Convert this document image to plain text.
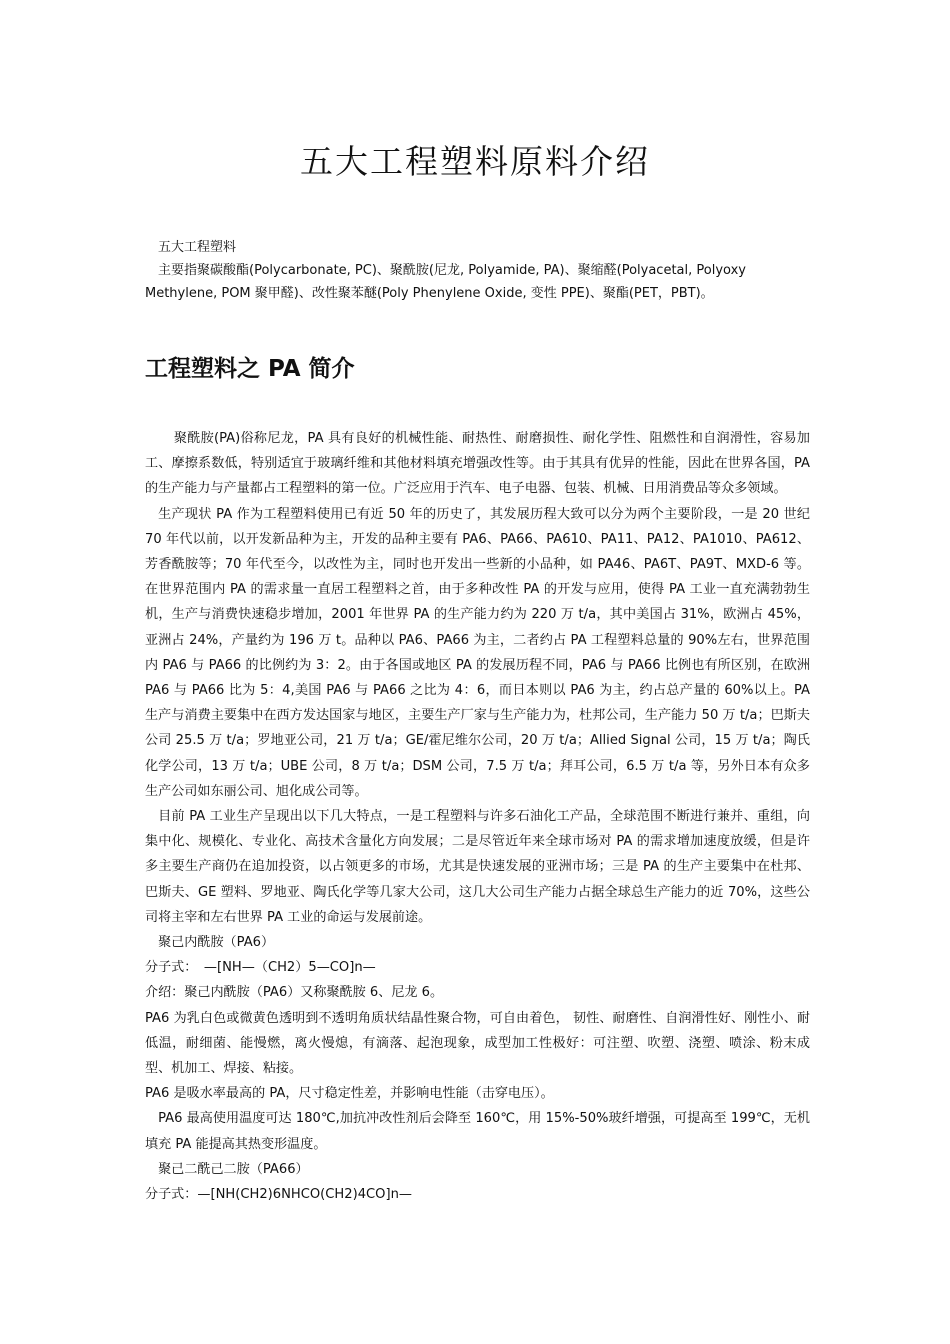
五大工程塑料原料介绍

五大工程塑料

主要指聚碳酸酯(Polycarbonate, PC)、聚酰胺(尼龙, Polyamide, PA)、聚缩醛(Polyacetal, Polyoxy Methylene, POM 聚甲醛)、改性聚苯醚(Poly Phenylene Oxide, 变性 PPE)、聚酯(PET，PBT)。

工程塑料之 PA 简介

聚酰胺(PA)俗称尼龙，PA 具有良好的机械性能、耐热性、耐磨损性、耐化学性、阻燃性和自润滑性，容易加工、摩擦系数低，特别适宜于玻璃纤维和其他材料填充增强改性等。由于其具有优异的性能，因此在世界各国，PA 的生产能力与产量都占工程塑料的第一位。广泛应用于汽车、电子电器、包装、机械、日用消费品等众多领域。

生产现状 PA 作为工程塑料使用已有近 50 年的历史了，其发展历程大致可以分为两个主要阶段，一是 20 世纪 70 年代以前，以开发新品种为主，开发的品种主要有 PA6、PA66、PA610、PA11、PA12、PA1010、PA612、芳香酰胺等；70 年代至今，以改性为主，同时也开发出一些新的小品种，如 PA46、PA6T、PA9T、MXD-6 等。在世界范围内 PA 的需求量一直居工程塑料之首，由于多种改性 PA 的开发与应用，使得 PA 工业一直充满勃勃生机，生产与消费快速稳步增加，2001 年世界 PA 的生产能力约为 220 万 t/a，其中美国占 31%，欧洲占 45%，亚洲占 24%，产量约为 196 万 t。品种以 PA6、PA66 为主，二者约占 PA 工程塑料总量的 90%左右，世界范围内 PA6 与 PA66 的比例约为 3：2。由于各国或地区 PA 的发展历程不同，PA6 与 PA66 比例也有所区别，在欧洲 PA6 与 PA66 比为 5：4,美国 PA6 与 PA66 之比为 4：6，而日本则以 PA6 为主，约占总产量的 60%以上。PA 生产与消费主要集中在西方发达国家与地区，主要生产厂家与生产能力为，杜邦公司，生产能力 50 万 t/a；巴斯夫公司 25.5 万 t/a；罗地亚公司，21 万 t/a；GE/霍尼维尔公司，20 万 t/a；Allied Signal 公司，15 万 t/a；陶氏化学公司，13 万 t/a；UBE 公司，8 万 t/a；DSM 公司，7.5 万 t/a；拜耳公司，6.5 万 t/a 等，另外日本有众多生产公司如东丽公司、旭化成公司等。

目前 PA 工业生产呈现出以下几大特点，一是工程塑料与许多石油化工产品，全球范围不断进行兼并、重组，向集中化、规模化、专业化、高技术含量化方向发展；二是尽管近年来全球市场对 PA 的需求增加速度放缓，但是许多主要生产商仍在追加投资，以占领更多的市场，尤其是快速发展的亚洲市场；三是 PA 的生产主要集中在杜邦、巴斯夫、GE 塑料、罗地亚、陶氏化学等几家大公司，这几大公司生产能力占据全球总生产能力的近 70%，这些公司将主宰和左右世界 PA 工业的命运与发展前途。

聚己内酰胺（PA6）

分子式：　—[NH—（CH2）5—CO]n—

介绍：聚己内酰胺（PA6）又称聚酰胺 6、尼龙 6。

PA6 为乳白色或微黄色透明到不透明角质状结晶性聚合物，可自由着色， 韧性、耐磨性、自润滑性好、刚性小、耐低温，耐细菌、能慢燃，离火慢熄，有滴落、起泡现象，成型加工性极好：可注塑、吹塑、浇塑、喷涂、粉末成型、机加工、焊接、粘接。

PA6 是吸水率最高的 PA，尺寸稳定性差，并影响电性能（击穿电压）。

PA6 最高使用温度可达 180℃,加抗冲改性剂后会降至 160℃，用 15%-50%玻纤增强，可提高至 199℃，无机填充 PA 能提高其热变形温度。

聚己二酰己二胺（PA66）

分子式：—[NH(CH2)6NHCO(CH2)4CO]n—
